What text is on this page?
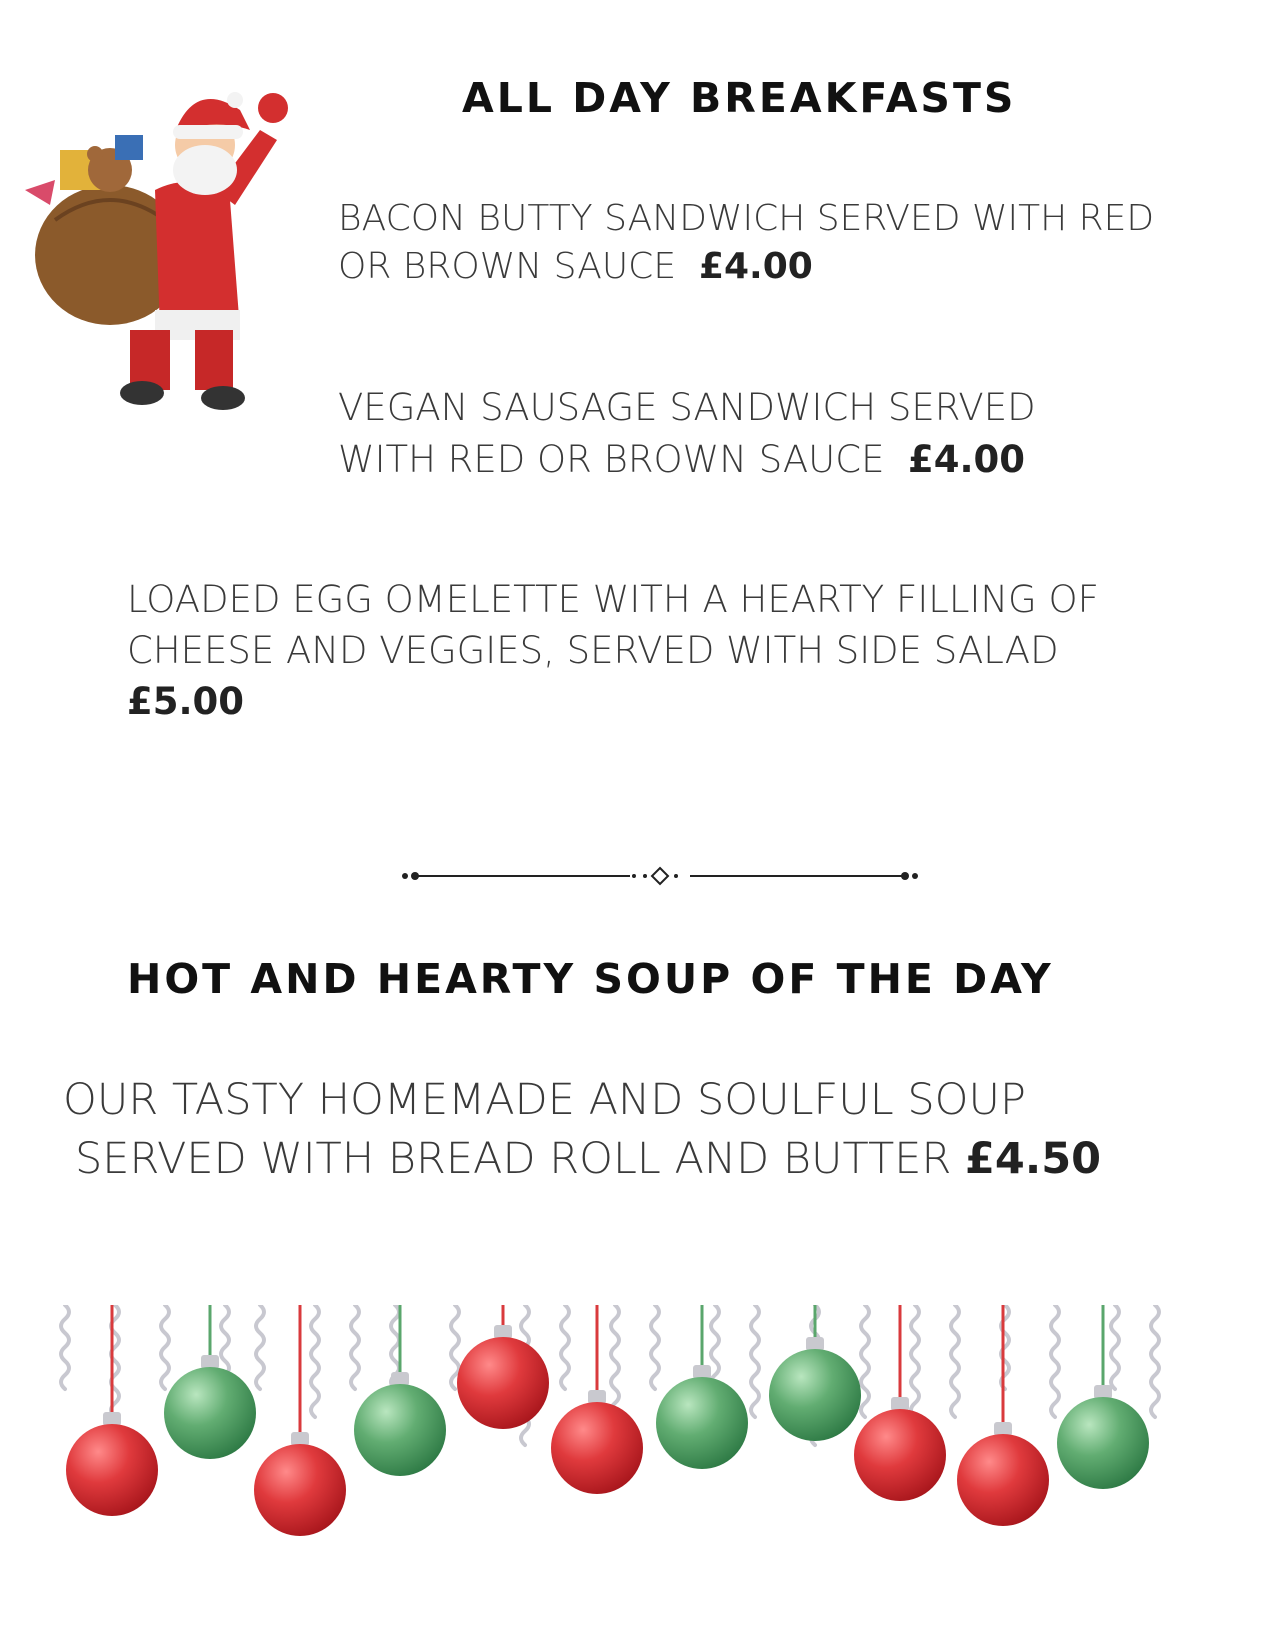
ALL DAY BREAKFASTS

BACON BUTTY SANDWICH SERVED WITH RED
OR BROWN SAUCE £4.00

VEGAN SAUSAGE SANDWICH SERVED
WITH RED OR BROWN SAUCE £4.00

LOADED EGG OMELETTE WITH A HEARTY FILLING OF
CHEESE AND VEGGIES, SERVED WITH SIDE SALAD
£5.00

HOT AND HEARTY SOUP OF THE DAY

OUR TASTY HOMEMADE AND SOULFUL SOUP
SERVED WITH BREAD ROLL AND BUTTER £4.50
